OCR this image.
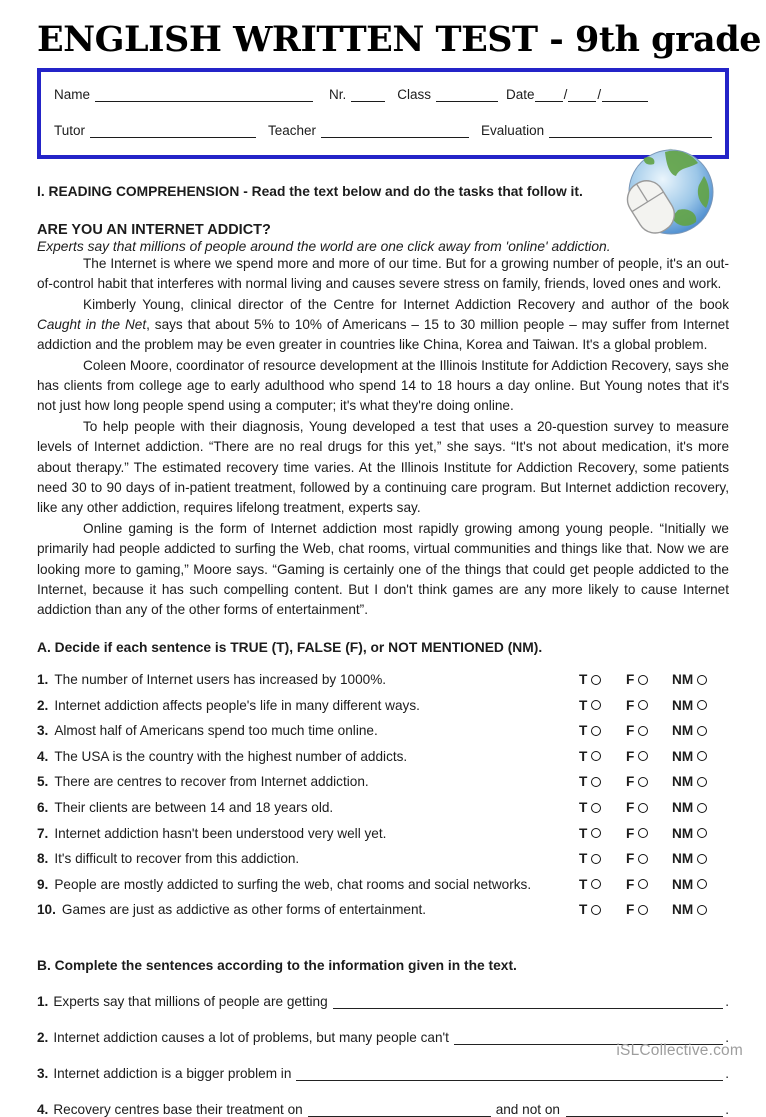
ENGLISH WRITTEN TEST - 9th grade
Name	Nr.	Class	Date / /
Tutor	Teacher	Evaluation

I. READING COMPREHENSION - Read the text below and do the tasks that follow it.

ARE YOU AN INTERNET ADDICT?

Experts say that millions of people around the world are one click away from 'online' addiction.

The Internet is where we spend more and more of our time. But for a growing number of people, it's an out-of-control habit that interferes with normal living and causes severe stress on family, friends, loved ones and work.

Kimberly Young, clinical director of the Centre for Internet Addiction Recovery and author of the book Caught in the Net, says that about 5% to 10% of Americans – 15 to 30 million people – may suffer from Internet addiction and the problem may be even greater in countries like China, Korea and Taiwan. It's a global problem.

Coleen Moore, coordinator of resource development at the Illinois Institute for Addiction Recovery, says she has clients from college age to early adulthood who spend 14 to 18 hours a day online. But Young notes that it's not just how long people spend using a computer; it's what they're doing online.

To help people with their diagnosis, Young developed a test that uses a 20-question survey to measure levels of Internet addiction. “There are no real drugs for this yet,” she says. “It's not about medication, it's more about therapy.” The estimated recovery time varies. At the Illinois Institute for Addiction Recovery, some patients need 30 to 90 days of in-patient treatment, followed by a continuing care program. But Internet addiction recovery, like any other addiction, requires lifelong treatment, experts say.

Online gaming is the form of Internet addiction most rapidly growing among young people. “Initially we primarily had people addicted to surfing the Web, chat rooms, virtual communities and things like that. Now we are looking more to gaming,” Moore says. “Gaming is certainly one of the things that could get people addicted to the Internet, because it has such compelling content. But I don't think games are any more likely to cause Internet addiction than any of the other forms of entertainment”.

A. Decide if each sentence is TRUE (T), FALSE (F), or NOT MENTIONED (NM).

1. The number of Internet users has increased by 1000%.	T	F	NM
2. Internet addiction affects people's life in many different ways.	T	F	NM
3. Almost half of Americans spend too much time online.	T	F	NM
4. The USA is the country with the highest number of addicts.	T	F	NM
5. There are centres to recover from Internet addiction.	T	F	NM
6. Their clients are between 14 and 18 years old.	T	F	NM
7. Internet addiction hasn't been understood very well yet.	T	F	NM
8. It's difficult to recover from this addiction.	T	F	NM
9. People are mostly addicted to surfing the web, chat rooms and social networks.	T	F	NM
10. Games are just as addictive as other forms of entertainment.	T	F	NM

B. Complete the sentences according to the information given in the text.

1. Experts say that millions of people are getting	.
2. Internet addiction causes a lot of problems, but many people can't	.
3. Internet addiction is a bigger problem in	.
4. Recovery centres base their treatment on	and not on	.
iSLCollective.com
